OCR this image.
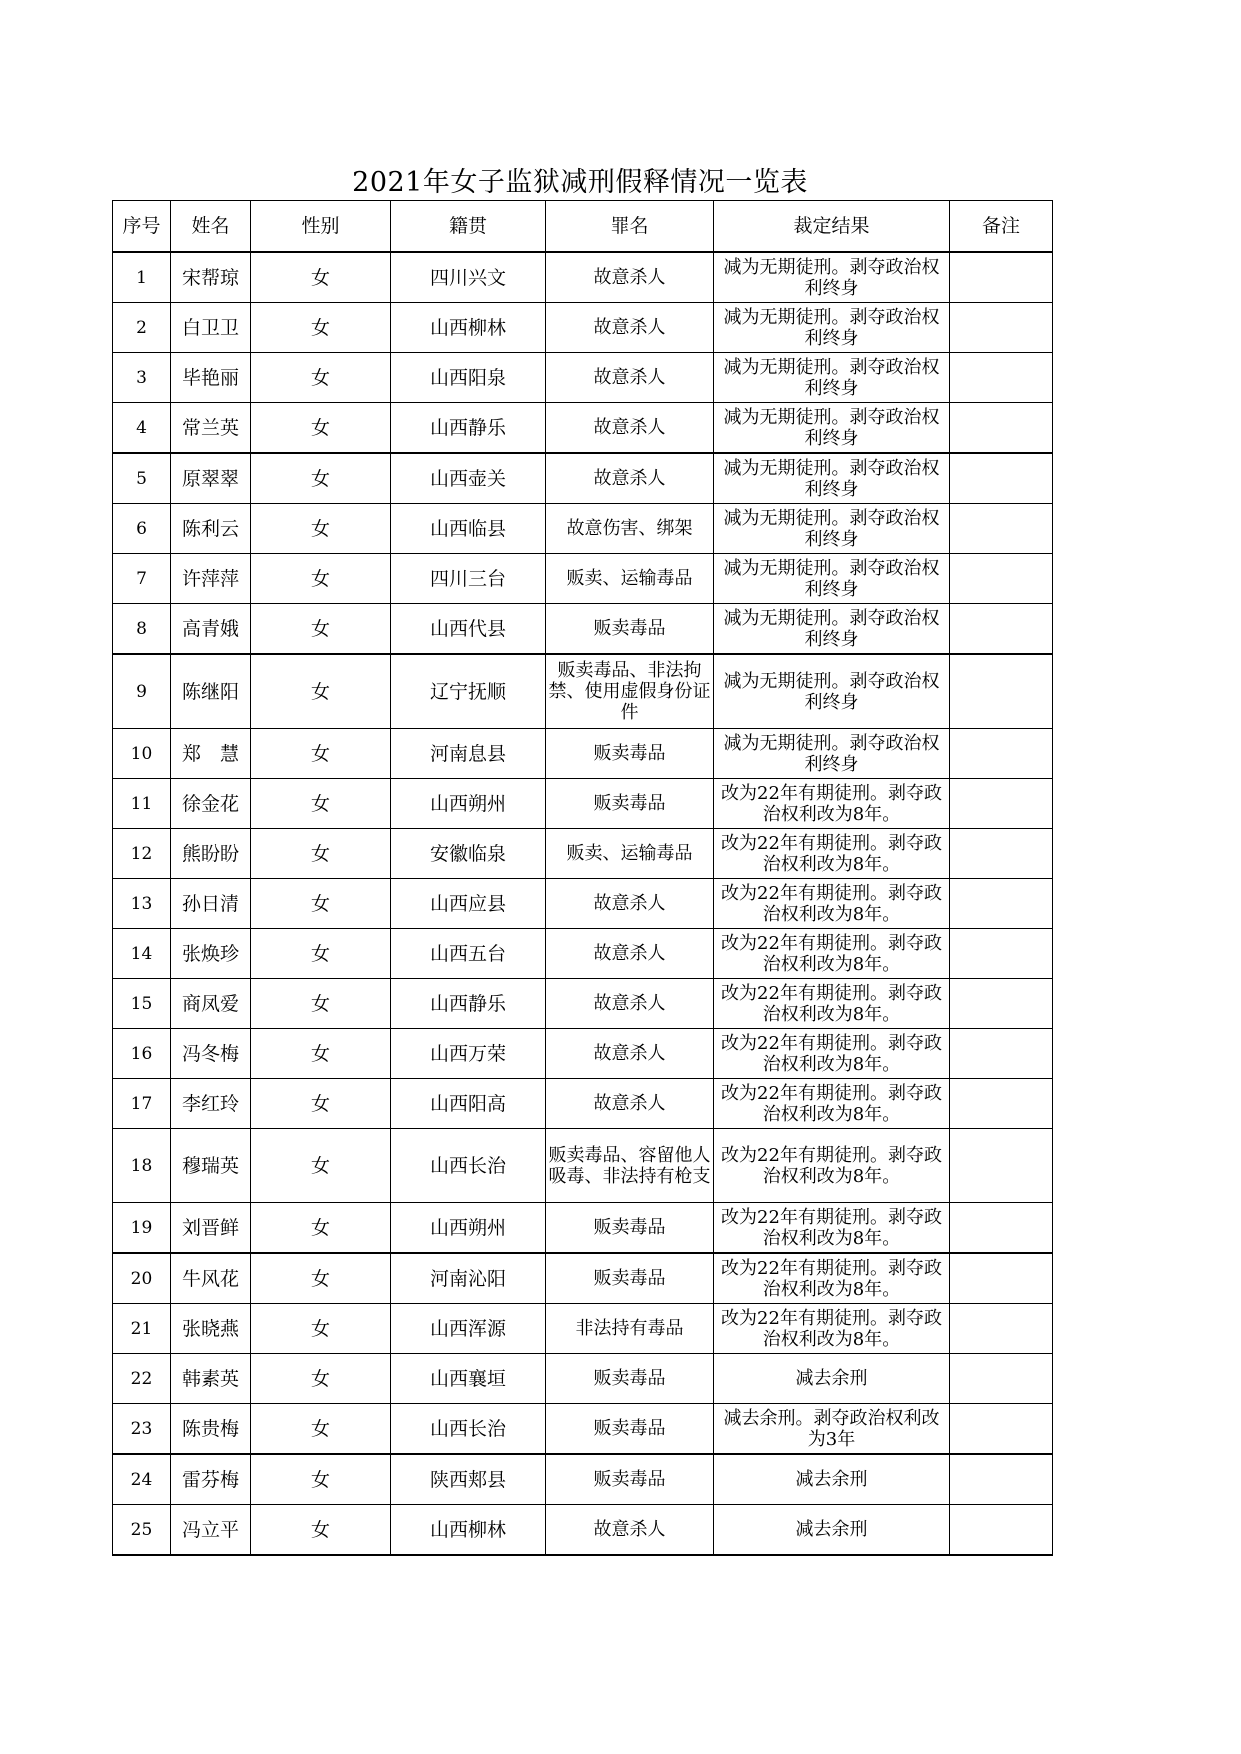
2021年女子监狱减刑假释情况一览表
序号	姓名	性别	籍贯	罪名	裁定结果	备注
1	宋帮琼	女	四川兴文	故意杀人	减为无期徒刑。剥夺政治权利终身	
2	白卫卫	女	山西柳林	故意杀人	减为无期徒刑。剥夺政治权利终身	
3	毕艳丽	女	山西阳泉	故意杀人	减为无期徒刑。剥夺政治权利终身	
4	常兰英	女	山西静乐	故意杀人	减为无期徒刑。剥夺政治权利终身	
5	原翠翠	女	山西壶关	故意杀人	减为无期徒刑。剥夺政治权利终身	
6	陈利云	女	山西临县	故意伤害、绑架	减为无期徒刑。剥夺政治权利终身	
7	许萍萍	女	四川三台	贩卖、运输毒品	减为无期徒刑。剥夺政治权利终身	
8	高青娥	女	山西代县	贩卖毒品	减为无期徒刑。剥夺政治权利终身	
9	陈继阳	女	辽宁抚顺	贩卖毒品、非法拘禁、使用虚假身份证件	减为无期徒刑。剥夺政治权利终身	
10	郑　慧	女	河南息县	贩卖毒品	减为无期徒刑。剥夺政治权利终身	
11	徐金花	女	山西朔州	贩卖毒品	改为22年有期徒刑。剥夺政治权利改为8年。	
12	熊盼盼	女	安徽临泉	贩卖、运输毒品	改为22年有期徒刑。剥夺政治权利改为8年。	
13	孙日清	女	山西应县	故意杀人	改为22年有期徒刑。剥夺政治权利改为8年。	
14	张焕珍	女	山西五台	故意杀人	改为22年有期徒刑。剥夺政治权利改为8年。	
15	商凤爱	女	山西静乐	故意杀人	改为22年有期徒刑。剥夺政治权利改为8年。	
16	冯冬梅	女	山西万荣	故意杀人	改为22年有期徒刑。剥夺政治权利改为8年。	
17	李红玲	女	山西阳高	故意杀人	改为22年有期徒刑。剥夺政治权利改为8年。	
18	穆瑞英	女	山西长治	贩卖毒品、容留他人吸毒、非法持有枪支	改为22年有期徒刑。剥夺政治权利改为8年。	
19	刘晋鲜	女	山西朔州	贩卖毒品	改为22年有期徒刑。剥夺政治权利改为8年。	
20	牛风花	女	河南沁阳	贩卖毒品	改为22年有期徒刑。剥夺政治权利改为8年。	
21	张晓燕	女	山西浑源	非法持有毒品	改为22年有期徒刑。剥夺政治权利改为8年。	
22	韩素英	女	山西襄垣	贩卖毒品	减去余刑	
23	陈贵梅	女	山西长治	贩卖毒品	减去余刑。剥夺政治权利改为3年	
24	雷芬梅	女	陕西郏县	贩卖毒品	减去余刑	
25	冯立平	女	山西柳林	故意杀人	减去余刑	
